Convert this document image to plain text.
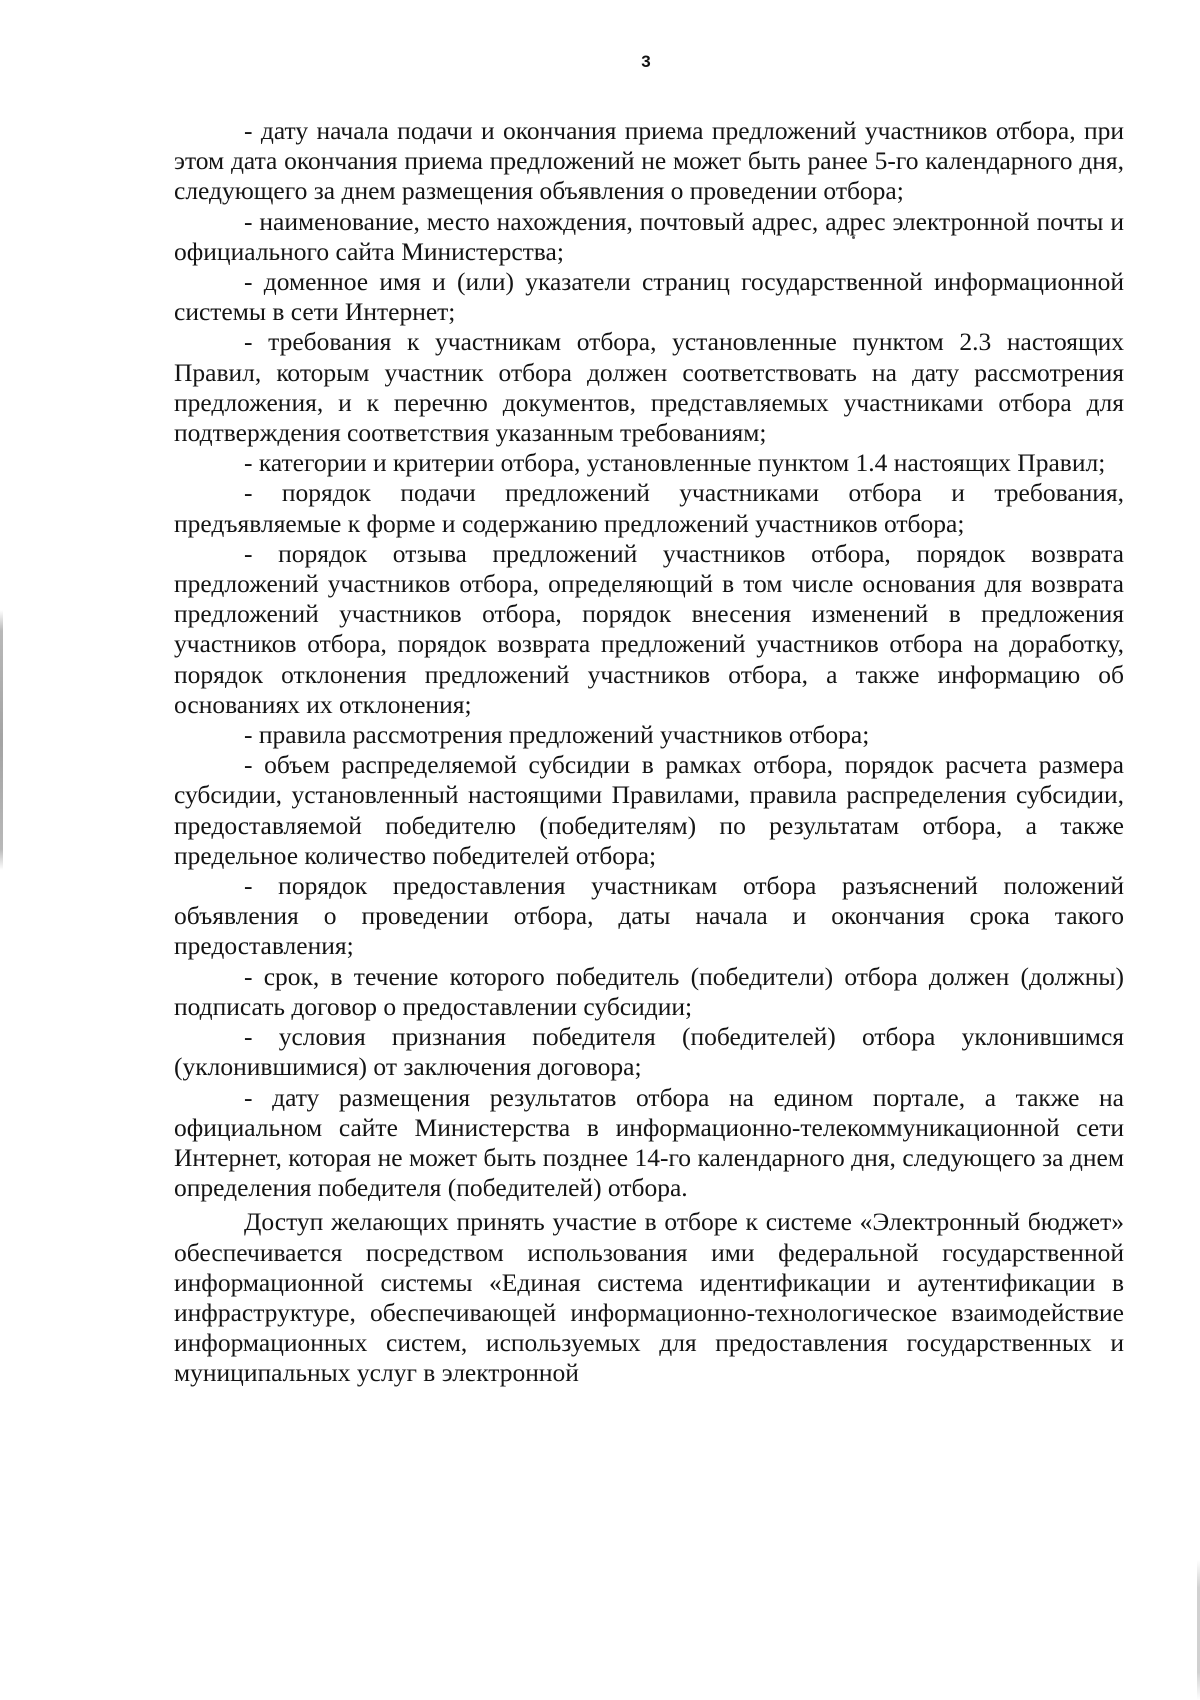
3

- дату начала подачи и окончания приема предложений участников отбора, при этом дата окончания приема предложений не может быть ранее 5-го календарного дня, следующего за днем размещения объявления о проведении отбора;

- наименование, место нахождения, почтовый адрес, адрес электронной почты и официального сайта Министерства;

- доменное имя и (или) указатели страниц государственной информационной системы в сети Интернет;

- требования к участникам отбора, установленные пунктом 2.3 настоящих Правил, которым участник отбора должен соответствовать на дату рассмотрения предложения, и к перечню документов, представляемых участниками отбора для подтверждения соответствия указанным требованиям;

- категории и критерии отбора, установленные пунктом 1.4 настоящих Правил;

- порядок подачи предложений участниками отбора и требования, предъявляемые к форме и содержанию предложений участников отбора;

- порядок отзыва предложений участников отбора, порядок возврата предложений участников отбора, определяющий в том числе основания для возврата предложений участников отбора, порядок внесения изменений в предложения участников отбора, порядок возврата предложений участников отбора на доработку, порядок отклонения предложений участников отбора, а также информацию об основаниях их отклонения;

- правила рассмотрения предложений участников отбора;

- объем распределяемой субсидии в рамках отбора, порядок расчета размера субсидии, установленный настоящими Правилами, правила распределения субсидии, предоставляемой победителю (победителям) по результатам отбора, а также предельное количество победителей отбора;

- порядок предоставления участникам отбора разъяснений положений объявления о проведении отбора, даты начала и окончания срока такого предоставления;

- срок, в течение которого победитель (победители) отбора должен (должны) подписать договор о предоставлении субсидии;

- условия признания победителя (победителей) отбора уклонившимся (уклонившимися) от заключения договора;

- дату размещения результатов отбора на едином портале, а также на официальном сайте Министерства в информационно-телекоммуникационной сети Интернет, которая не может быть позднее 14-го календарного дня, следующего за днем определения победителя (победителей) отбора.

Доступ желающих принять участие в отборе к системе «Электронный бюджет» обеспечивается посредством использования ими федеральной государственной информационной системы «Единая система идентификации и аутентификации в инфраструктуре, обеспечивающей информационно-технологическое взаимодействие информационных систем, используемых для предоставления государственных и муниципальных услуг в электронной
